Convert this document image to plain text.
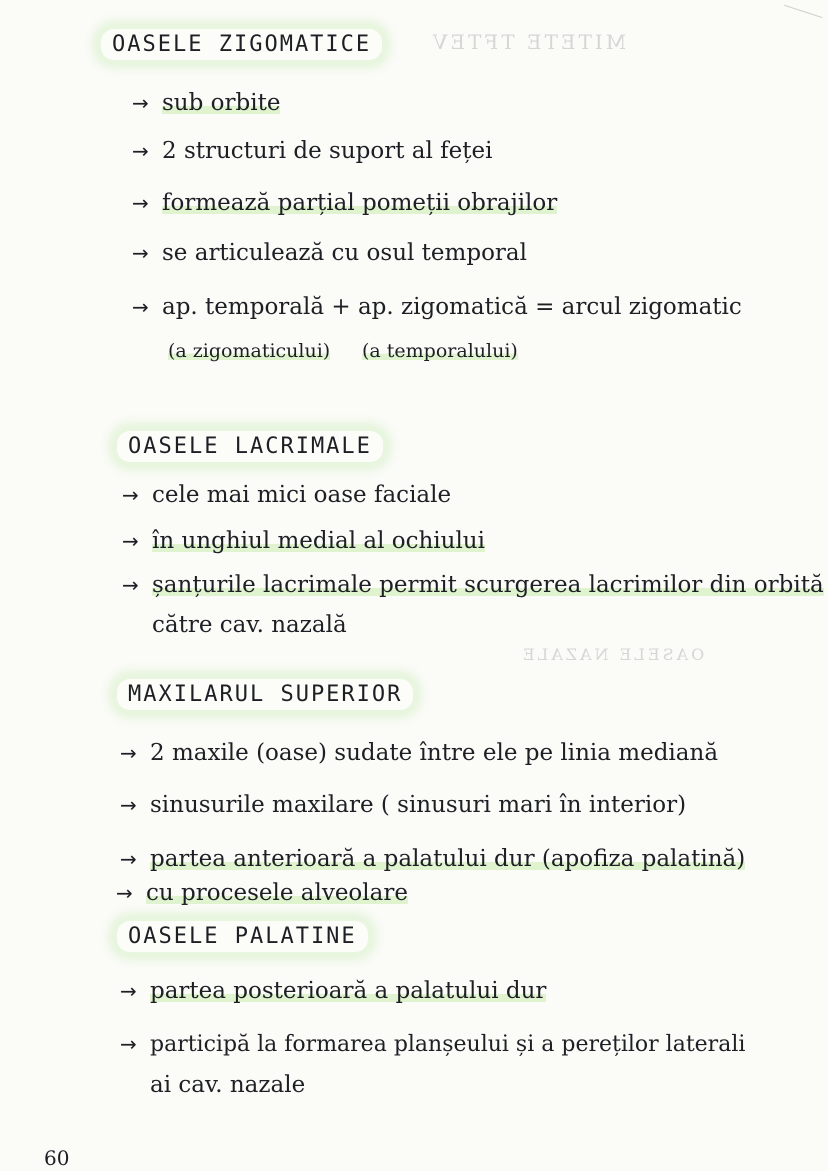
MITETE TFTEV
OASELE NAZALE
OASELE ZIGOMATICE
→ sub orbite
→ 2 structuri de suport al feței
→ formează parțial pomeții obrajilor
→ se articulează cu osul temporal
→ ap. temporală + ap. zigomatică = arcul zigomatic
(a zigomaticului) (a temporalului)
OASELE LACRIMALE
→ cele mai mici oase faciale
→ în unghiul medial al ochiului
→ șanțurile lacrimale permit scurgerea lacrimilor din orbită
către cav. nazală
MAXILARUL SUPERIOR
→ 2 maxile (oase) sudate între ele pe linia mediană
→ sinusurile maxilare ( sinusuri mari în interior)
→ partea anterioară a palatului dur (apofiza palatină)
→ cu procesele alveolare
OASELE PALATINE
→ partea posterioară a palatului dur
→ participă la formarea planșeului și a pereților laterali
ai cav. nazale
60
